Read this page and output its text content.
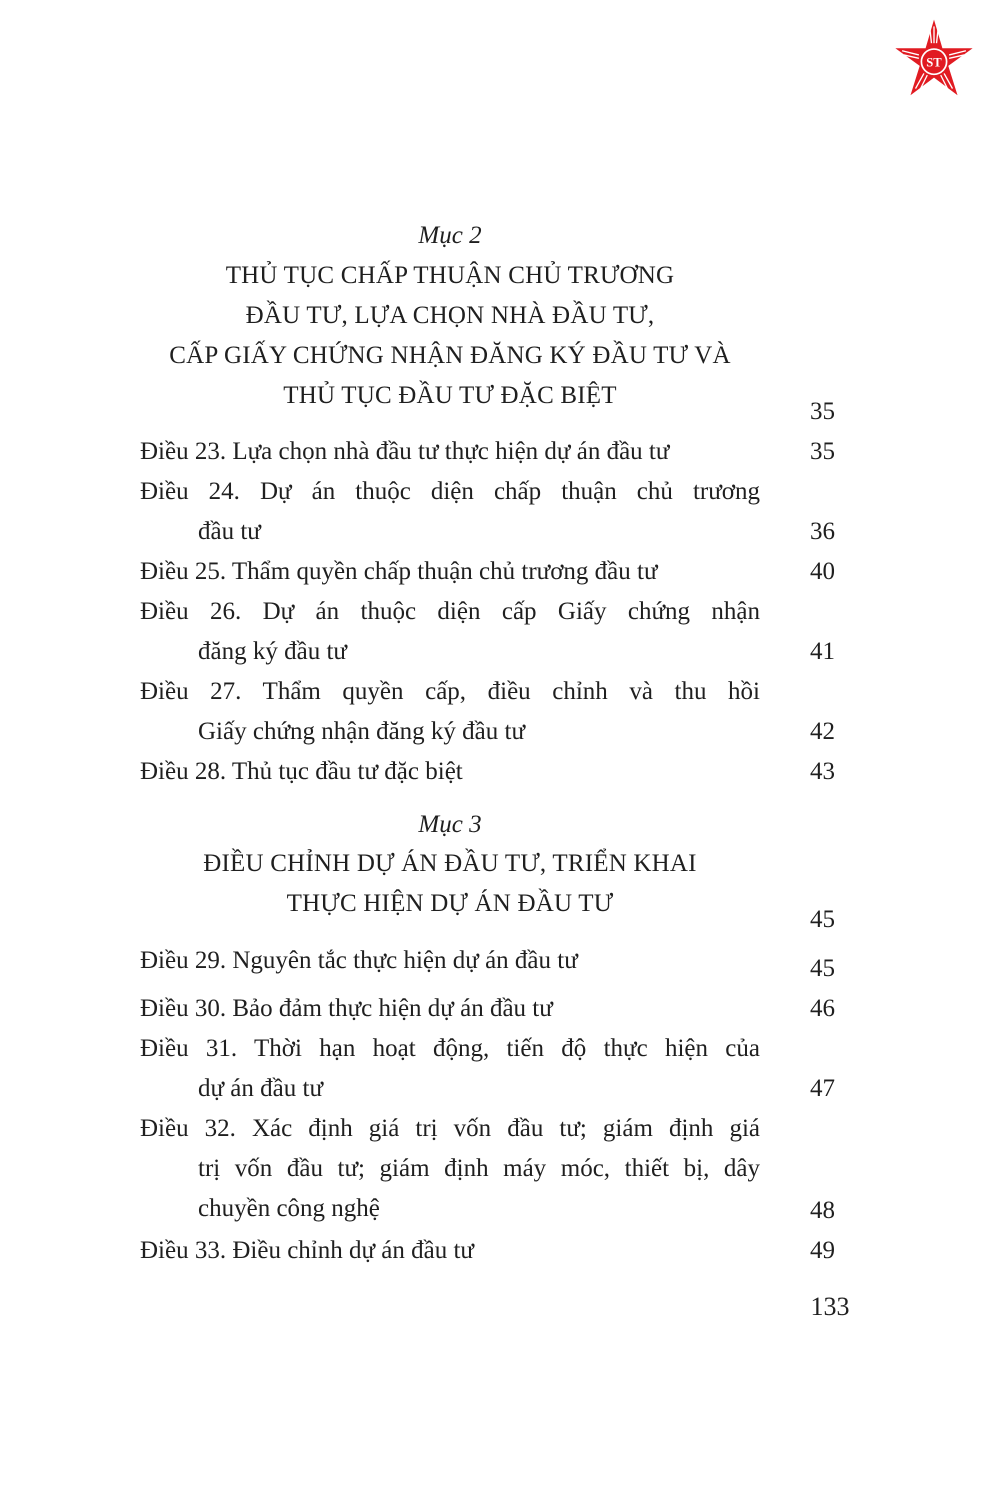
ST
Mục 2
THỦ TỤC CHẤP THUẬN CHỦ TRƯƠNG
ĐẦU TƯ, LỰA CHỌN NHÀ ĐẦU TƯ,
CẤP GIẤY CHỨNG NHẬN ĐĂNG KÝ ĐẦU TƯ VÀ
THỦ TỤC ĐẦU TƯ ĐẶC BIỆT
35
Điều 23. Lựa chọn nhà đầu tư thực hiện dự án đầu tư	35
Điều 24. Dự án thuộc diện chấp thuận chủ trương
đầu tư	36
Điều 25. Thẩm quyền chấp thuận chủ trương đầu tư	40
Điều 26. Dự án thuộc diện cấp Giấy chứng nhận
đăng ký đầu tư	41
Điều 27. Thẩm quyền cấp, điều chỉnh và thu hồi
Giấy chứng nhận đăng ký đầu tư	42
Điều 28. Thủ tục đầu tư đặc biệt	43
Mục 3
ĐIỀU CHỈNH DỰ ÁN ĐẦU TƯ, TRIỂN KHAI
THỰC HIỆN DỰ ÁN ĐẦU TƯ
45
Điều 29. Nguyên tắc thực hiện dự án đầu tư	45
Điều 30. Bảo đảm thực hiện dự án đầu tư	46
Điều 31. Thời hạn hoạt động, tiến độ thực hiện của
dự án đầu tư	47
Điều 32. Xác định giá trị vốn đầu tư; giám định giá
trị vốn đầu tư; giám định máy móc, thiết bị, dây
chuyền công nghệ	48
Điều 33. Điều chỉnh dự án đầu tư	49
133
